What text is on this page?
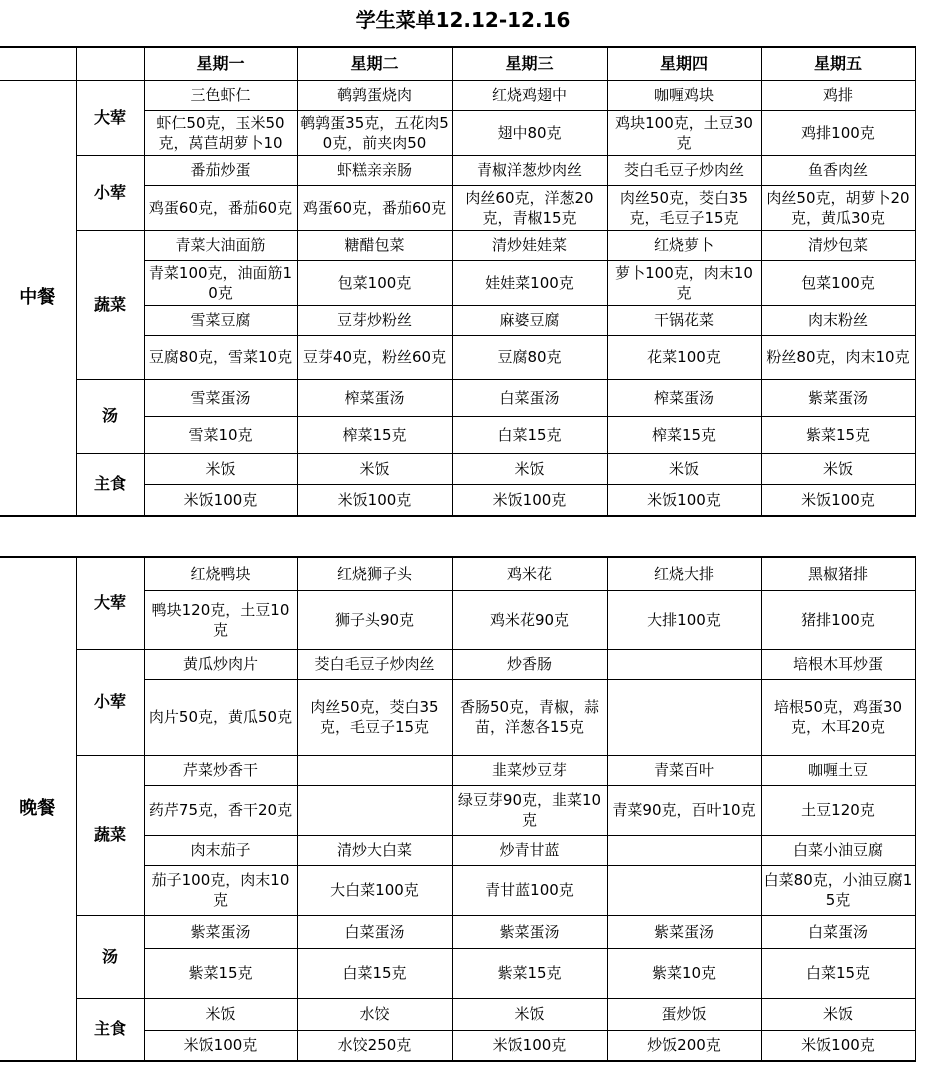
学生菜单12.12-12.16
		星期一	星期二	星期三	星期四	星期五
中餐	大荤	三色虾仁	鹌鹑蛋烧肉	红烧鸡翅中	咖喱鸡块	鸡排
		虾仁50克，玉米50克，莴苣胡萝卜10	鹌鹑蛋35克，五花肉50克，前夹肉50	翅中80克	鸡块100克，土豆30克	鸡排100克
	小荤	番茄炒蛋	虾糕亲亲肠	青椒洋葱炒肉丝	茭白毛豆子炒肉丝	鱼香肉丝
		鸡蛋60克，番茄60克	鸡蛋60克，番茄60克	肉丝60克，洋葱20克，青椒15克	肉丝50克，茭白35克，毛豆子15克	肉丝50克，胡萝卜20克，黄瓜30克
	蔬菜	青菜大油面筋	糖醋包菜	清炒娃娃菜	红烧萝卜	清炒包菜
		青菜100克，油面筋10克	包菜100克	娃娃菜100克	萝卜100克，肉末10克	包菜100克
		雪菜豆腐	豆芽炒粉丝	麻婆豆腐	干锅花菜	肉末粉丝
		豆腐80克，雪菜10克	豆芽40克，粉丝60克	豆腐80克	花菜100克	粉丝80克，肉末10克
	汤	雪菜蛋汤	榨菜蛋汤	白菜蛋汤	榨菜蛋汤	紫菜蛋汤
		雪菜10克	榨菜15克	白菜15克	榨菜15克	紫菜15克
	主食	米饭	米饭	米饭	米饭	米饭
		米饭100克	米饭100克	米饭100克	米饭100克	米饭100克
晚餐	大荤	红烧鸭块	红烧狮子头	鸡米花	红烧大排	黑椒猪排
		鸭块120克，土豆10克	狮子头90克	鸡米花90克	大排100克	猪排100克
	小荤	黄瓜炒肉片	茭白毛豆子炒肉丝	炒香肠		培根木耳炒蛋
		肉片50克，黄瓜50克	肉丝50克，茭白35克，毛豆子15克	香肠50克，青椒，蒜苗，洋葱各15克		培根50克，鸡蛋30克，木耳20克
	蔬菜	芹菜炒香干		韭菜炒豆芽	青菜百叶	咖喱土豆
		药芹75克，香干20克		绿豆芽90克，韭菜10克	青菜90克，百叶10克	土豆120克
		肉末茄子	清炒大白菜	炒青甘蓝		白菜小油豆腐
		茄子100克，肉末10克	大白菜100克	青甘蓝100克		白菜80克，小油豆腐15克
	汤	紫菜蛋汤	白菜蛋汤	紫菜蛋汤	紫菜蛋汤	白菜蛋汤
		紫菜15克	白菜15克	紫菜15克	紫菜10克	白菜15克
	主食	米饭	水饺	米饭	蛋炒饭	米饭
		米饭100克	水饺250克	米饭100克	炒饭200克	米饭100克
